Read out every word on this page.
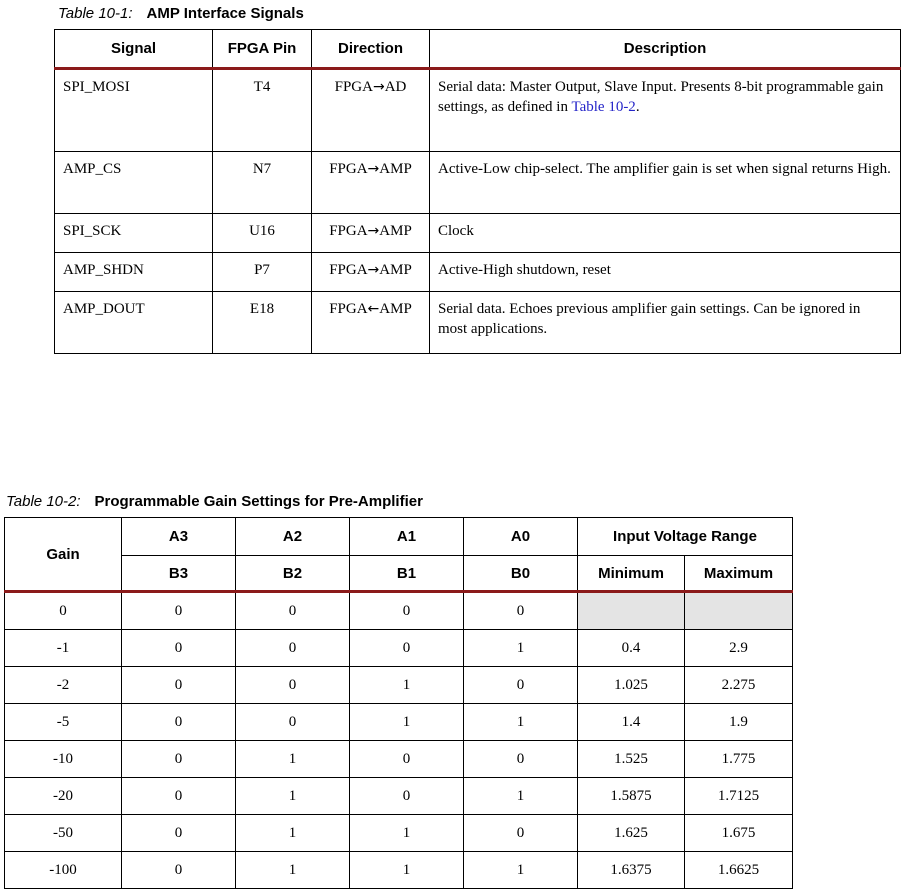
Table 10-1: AMP Interface Signals
Signal	FPGA Pin	Direction	Description
SPI_MOSI	T4	FPGA→AD	Serial data: Master Output, Slave Input. Presents 8-bit programmable gain settings, as defined in Table 10-2.
AMP_CS	N7	FPGA→AMP	Active-Low chip-select. The amplifier gain is set when signal returns High.
SPI_SCK	U16	FPGA→AMP	Clock
AMP_SHDN	P7	FPGA→AMP	Active-High shutdown, reset
AMP_DOUT	E18	FPGA←AMP	Serial data. Echoes previous amplifier gain settings. Can be ignored in most applications.
Table 10-2: Programmable Gain Settings for Pre-Amplifier
Gain	A3	A2	A1	A0	Input Voltage Range	
	B3	B2	B1	B0	Minimum	Maximum
0	0	0	0	0		
-1	0	0	0	1	0.4	2.9
-2	0	0	1	0	1.025	2.275
-5	0	0	1	1	1.4	1.9
-10	0	1	0	0	1.525	1.775
-20	0	1	0	1	1.5875	1.7125
-50	0	1	1	0	1.625	1.675
-100	0	1	1	1	1.6375	1.6625
